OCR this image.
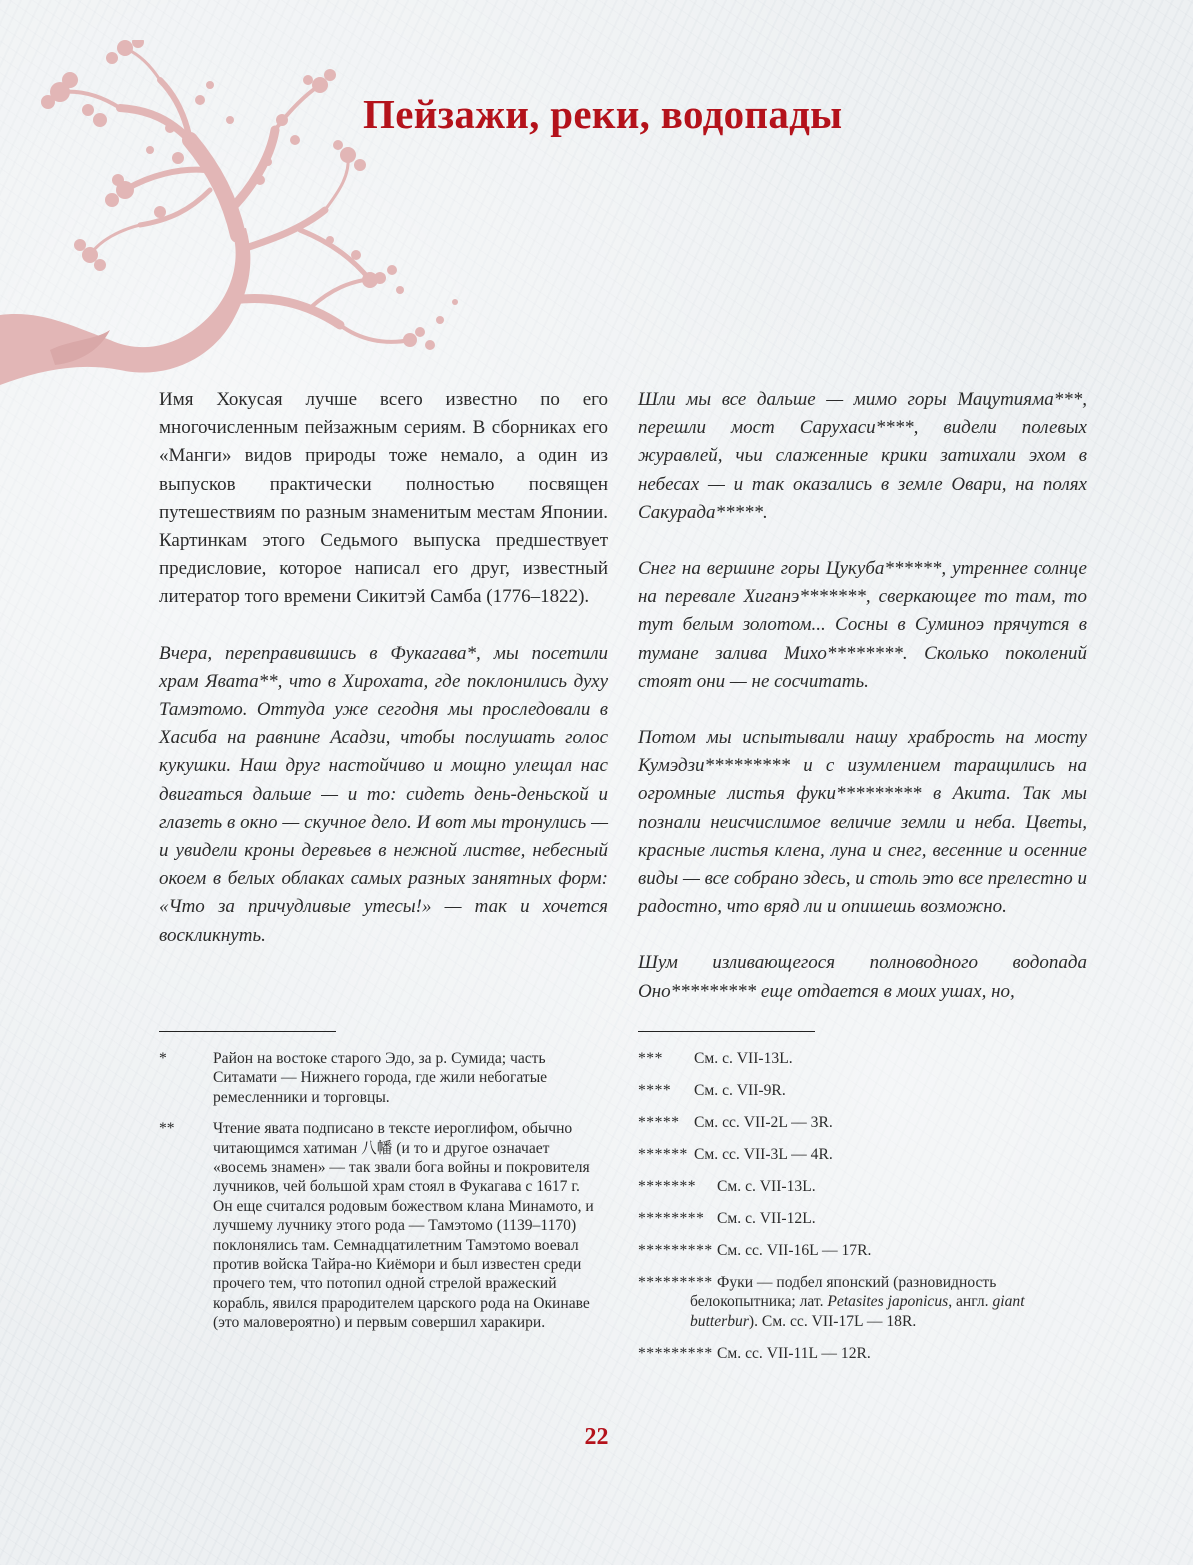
Пейзажи, реки, водопады

Имя Хокусая лучше всего известно по его многочисленным пейзажным сериям. В сборниках его «Манги» видов природы тоже немало, а один из выпусков практически полностью посвящен путешествиям по разным знаменитым местам Японии. Картинкам этого Седьмого выпуска предшествует предисловие, которое написал его друг, известный литератор того времени Сикитэй Самба (1776–1822).

Вчера, переправившись в Фукагава*, мы посетили храм Явата**, что в Хирохата, где поклонились духу Тамэтомо. Оттуда уже сегодня мы проследовали в Хасиба на равнине Асадзи, чтобы послушать голос кукушки. Наш друг настойчиво и мощно улещал нас двигаться дальше — и то: сидеть день-деньской и глазеть в окно — скучное дело. И вот мы тронулись — и увидели кроны деревьев в нежной листве, небесный окоем в белых облаках самых разных занятных форм: «Что за причудливые утесы!» — так и хочется воскликнуть.

Шли мы все дальше — мимо горы Мацутияма***, перешли мост Саруxаси****, видели полевых журавлей, чьи слаженные крики затихали эхом в небесах — и так оказались в земле Овари, на полях Сакурада*****.

Снег на вершине горы Цукуба******, утреннее солнце на перевале Хиганэ*******, сверкающее то там, то тут белым золотом... Сосны в Суминоэ прячутся в тумане залива Михо********. Сколько поколений стоят они — не сосчитать.

Потом мы испытывали нашу храбрость на мосту Кумэдзи********* и с изумлением таращились на огромные листья фуки********* в Акита. Так мы познали неисчислимое величие земли и неба. Цветы, красные листья клена, луна и снег, весенние и осенние виды — все собрано здесь, и столь это все прелестно и радостно, что вряд ли и опишешь возможно.

Шум изливающегося полноводного водопада Оно********* еще отдается в моих ушах, но,

*	Район на востоке старого Эдо, за р. Сумида; часть Ситамати — Нижнего города, где жили небогатые ремесленники и торговцы.
** Чтение явата подписано в тексте иероглифом, обычно читающимся хатиман 八幡 (и то и другое означает «восемь знамен» — так звали бога войны и покровителя лучников, чей большой храм стоял в Фукагава с 1617 г. Он еще считался родовым божеством клана Минамото, и лучшему лучнику этого рода — Тамэтомо (1139–1170) поклонялись там. Семнадцатилетним Тамэтомо воевал против войска Тайра-но Киёмори и был известен среди прочего тем, что потопил одной стрелой вражеский корабль, явился прародителем царского рода на Окинаве (это маловероятно) и первым совершил харакири.
*** См. с. VII-13L.
**** См. с. VII-9R.
***** См. сс. VII-2L — 3R.
****** См. сс. VII-3L — 4R.
******* См. с. VII-13L.
******** См. с. VII-12L.
********* См. сс. VII-16L — 17R.
********* Фуки — подбел японский (разновидность
белокопытника; лат. Petasites japonicus, англ. giant butterbur). См. сс. VII-17L — 18R.
********* См. сс. VII-11L — 12R.
22
